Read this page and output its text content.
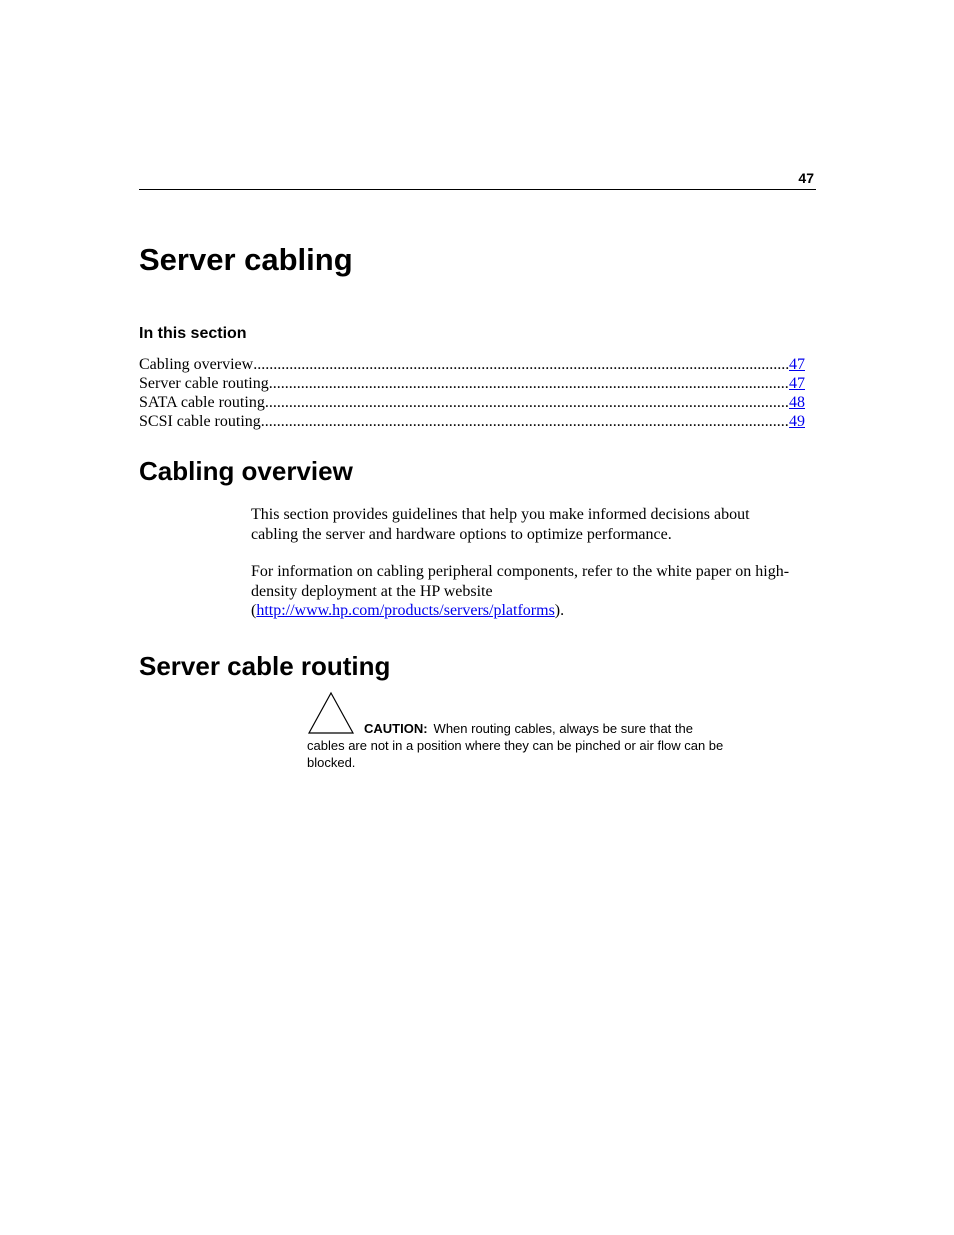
47
Server cabling
In this section
Cabling overview .....	47
Server cable routing .....	47
SATA cable routing .....	48
SCSI cable routing .....	49
Cabling overview
This section provides guidelines that help you make informed decisions about cabling the server and hardware options to optimize performance.
For information on cabling peripheral components, refer to the white paper on high-density deployment at the HP website
(http://www.hp.com/products/servers/platforms).
Server cable routing
CAUTION: When routing cables, always be sure that the
cables are not in a position where they can be pinched or air flow can be blocked.
